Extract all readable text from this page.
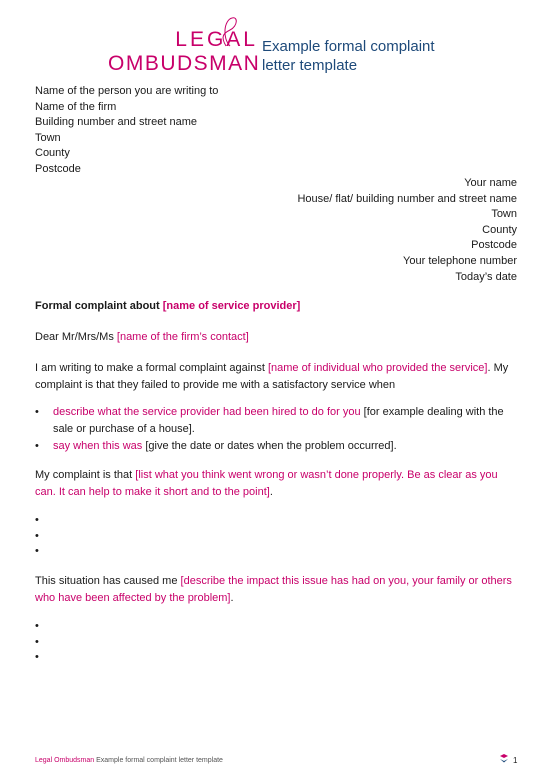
LEGAL
OMBUDSMAN
Example formal complaint
letter template
Name of the person you are writing to
Name of the firm
Building number and street name
Town
County
Postcode
Your name
House/ flat/ building number and street name
Town
County
Postcode
Your telephone number
Today’s date
Formal complaint about [name of service provider]
Dear Mr/Mrs/Ms [name of the firm’s contact]
I am writing to make a formal complaint against [name of individual who provided the service]. My complaint is that they failed to provide me with a satisfactory service when
• describe what the service provider had been hired to do for you [for example dealing with the sale or purchase of a house].
• say when this was [give the date or dates when the problem occurred].
My complaint is that [list what you think went wrong or wasn’t done properly. Be as clear as you can. It can help to make it short and to the point].
•
•
•
This situation has caused me [describe the impact this issue has had on you, your family or others who have been affected by the problem].
•
•
•
Legal Ombudsman Example formal complaint letter template	1
